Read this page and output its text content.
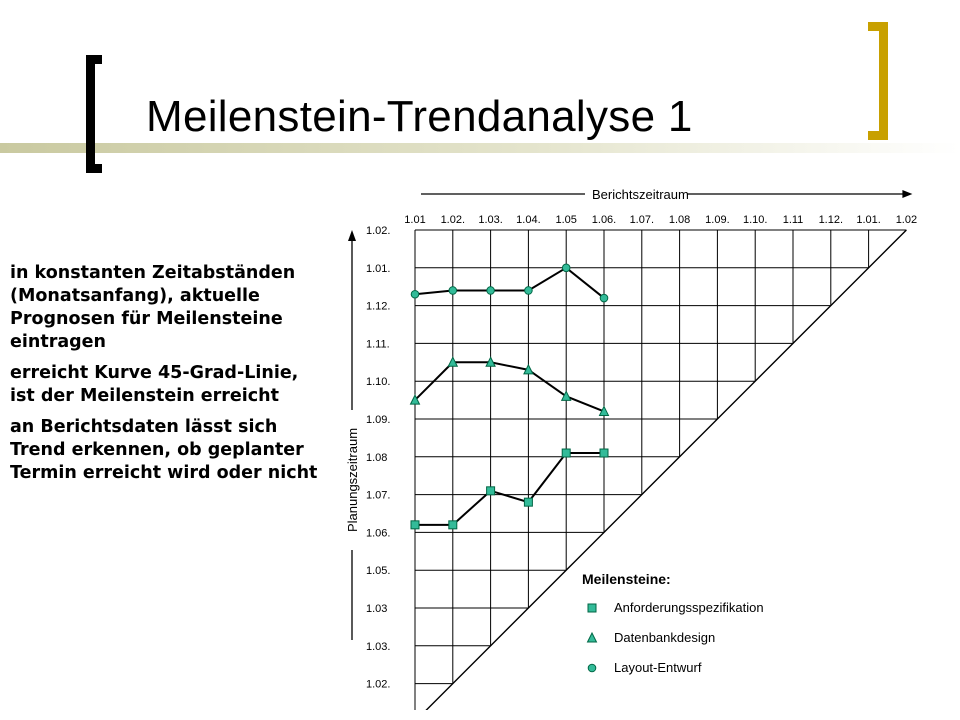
Meilenstein-Trendanalyse 1

in konstanten Zeitabständen (Monatsanfang), aktuelle Prognosen für Meilensteine eintragen

erreicht Kurve 45-Grad-Linie, ist der Meilenstein erreicht

an Berichtsdaten lässt sich Trend erkennen, ob geplanter Termin erreicht wird oder nicht

Berichtszeitraum
1.01 1.02. 1.03. 1.04. 1.05 1.06. 1.07. 1.08 1.09. 1.10. 1.11 1.12. 1.01. 1.02
Planungszeitraum
1.02.
1.01.
1.12.
1.11.
1.10.
1.09.
1.08
1.07.
1.06.
1.05.
1.03
1.03.
1.02.
Meilensteine:
Anforderungsspezifikation
Datenbankdesign
Layout-Entwurf
